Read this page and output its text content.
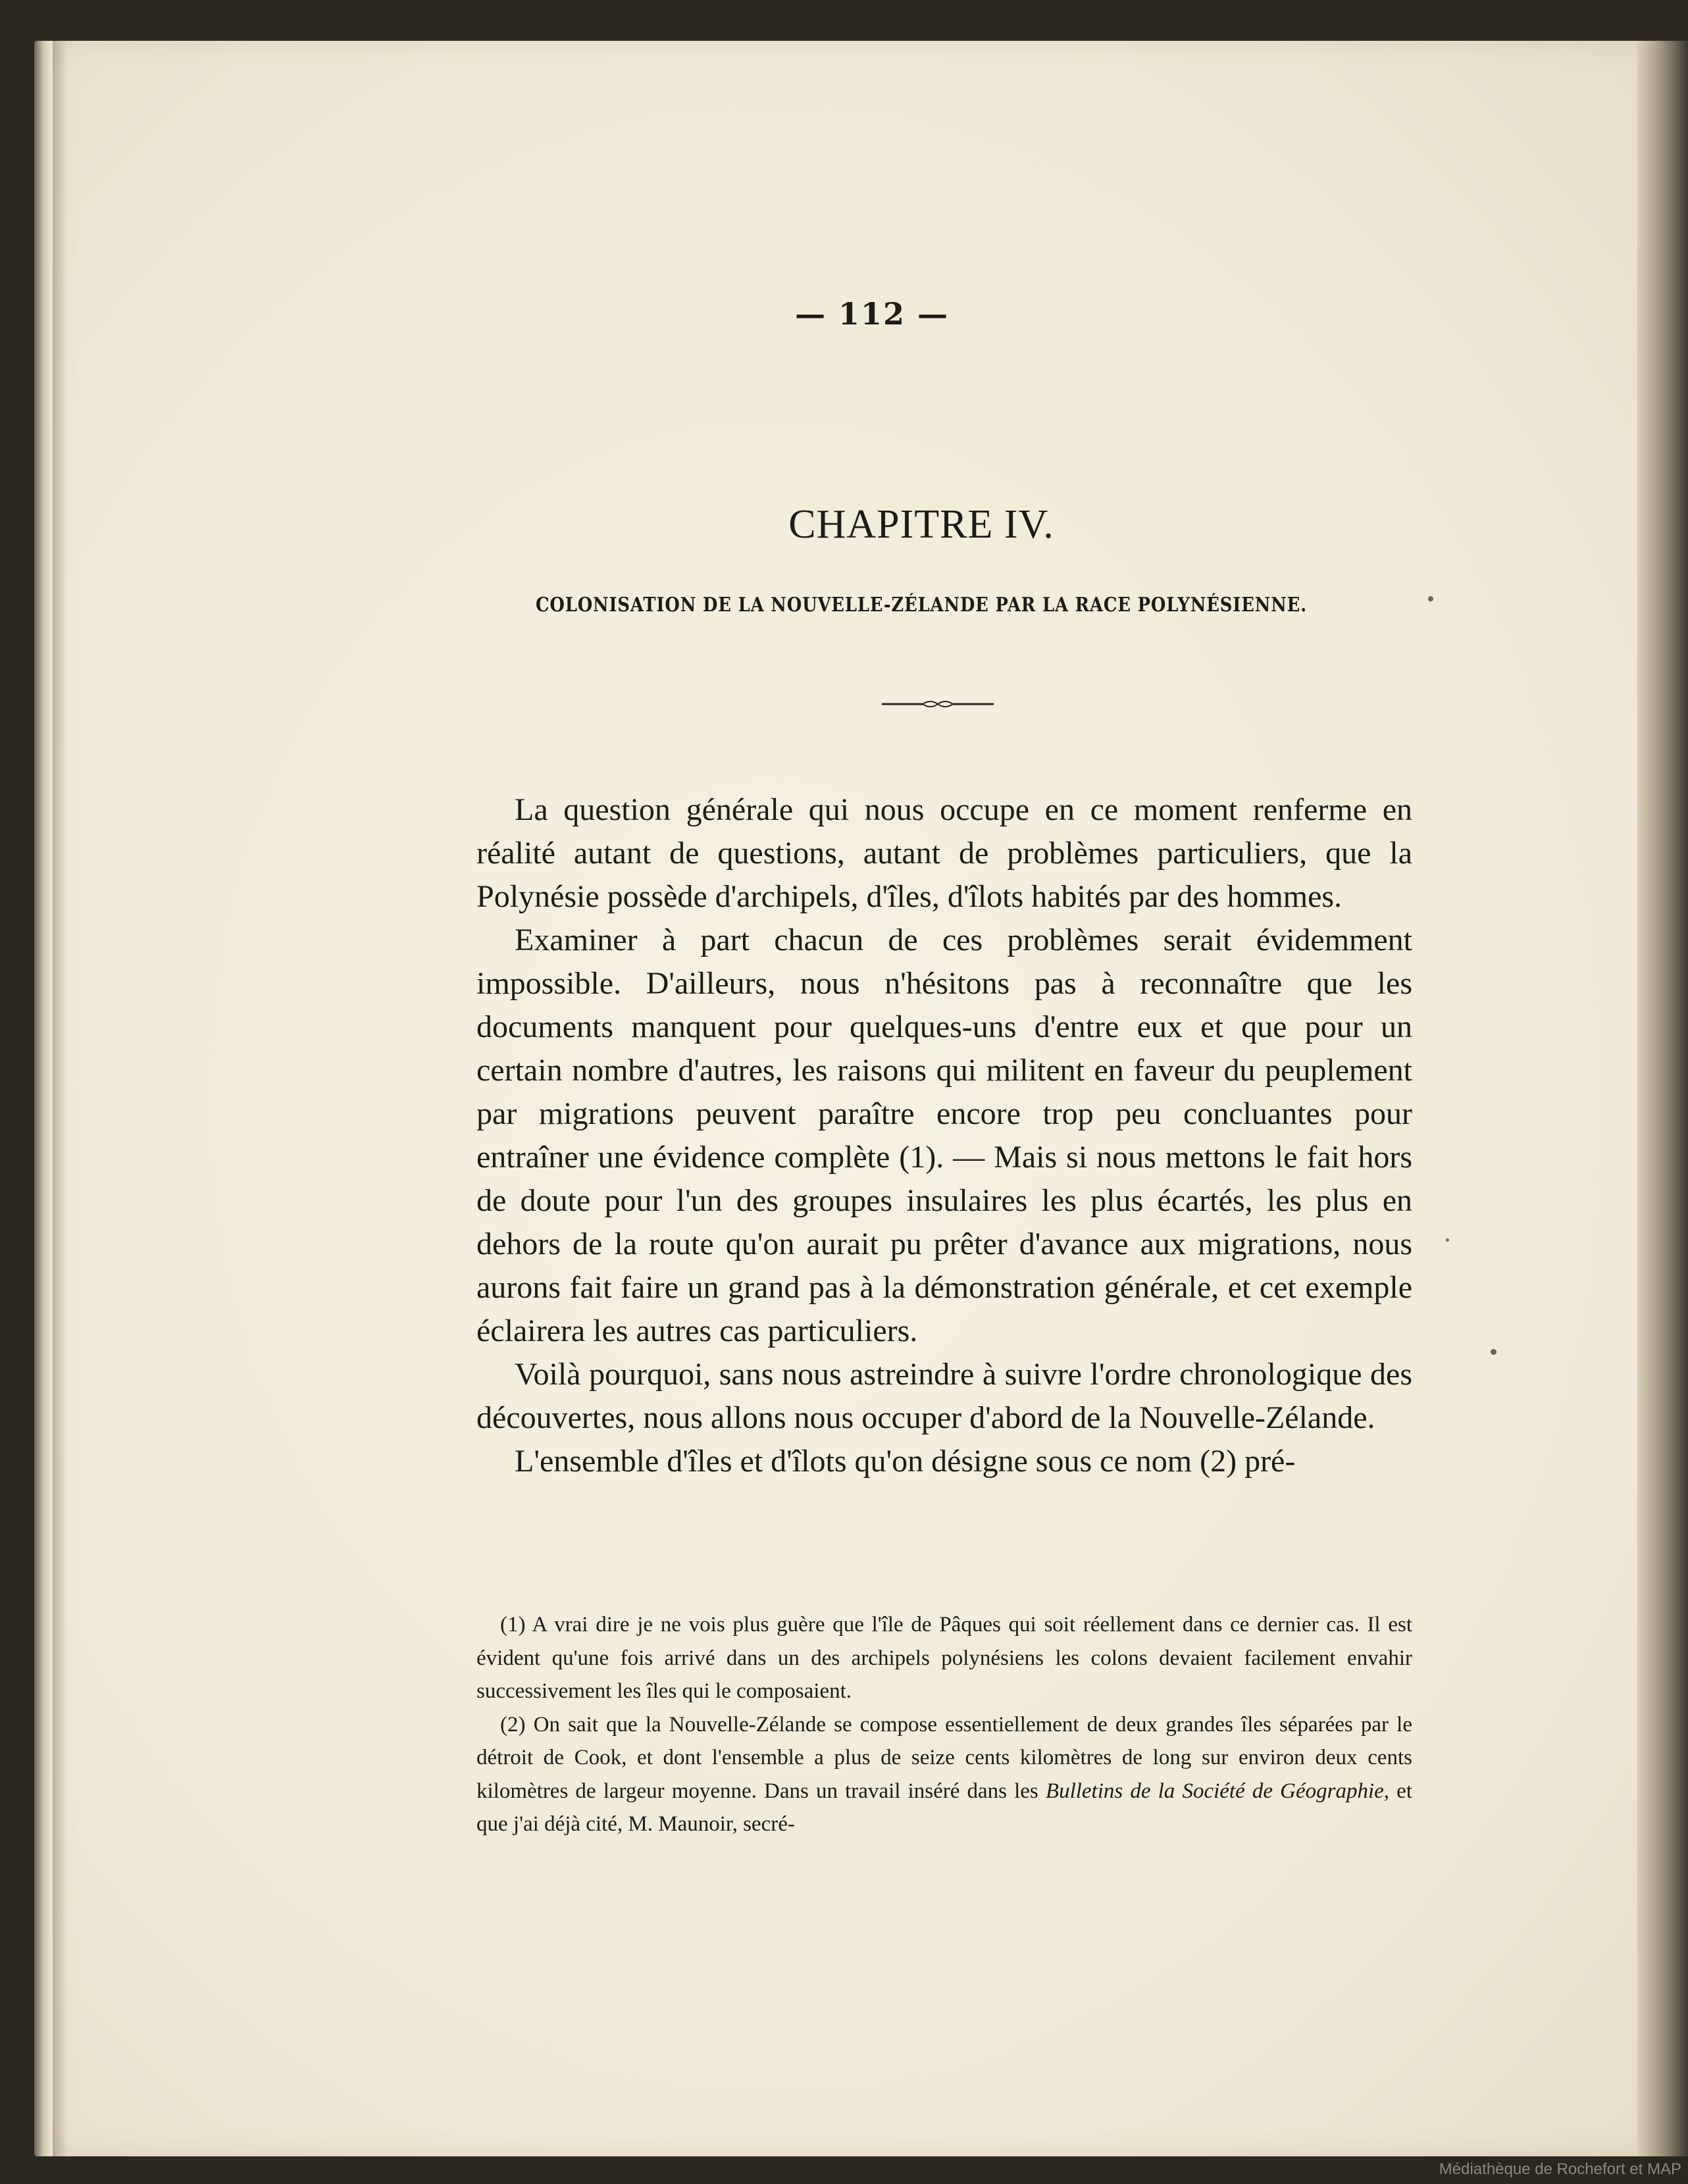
— 112 —
CHAPITRE IV.
COLONISATION DE LA NOUVELLE-ZÉLANDE PAR LA RACE POLYNÉSIENNE.

La question générale qui nous occupe en ce moment renferme en réalité autant de questions, autant de problèmes particuliers, que la Polynésie possède d'archipels, d'îles, d'îlots habités par des hommes.

Examiner à part chacun de ces problèmes serait évidemment impossible. D'ailleurs, nous n'hésitons pas à reconnaître que les documents manquent pour quelques-uns d'entre eux et que pour un certain nombre d'autres, les raisons qui militent en faveur du peuplement par migrations peuvent paraître encore trop peu concluantes pour entraîner une évidence complète (1). — Mais si nous mettons le fait hors de doute pour l'un des groupes insulaires les plus écartés, les plus en dehors de la route qu'on aurait pu prêter d'avance aux migrations, nous aurons fait faire un grand pas à la démonstration générale, et cet exemple éclairera les autres cas particuliers.

Voilà pourquoi, sans nous astreindre à suivre l'ordre chronologique des découvertes, nous allons nous occuper d'abord de la Nouvelle-Zélande.

L'ensemble d'îles et d'îlots qu'on désigne sous ce nom (2) pré-

(1) A vrai dire je ne vois plus guère que l'île de Pâques qui soit réellement dans ce dernier cas. Il est évident qu'une fois arrivé dans un des archipels polynésiens les colons devaient facilement envahir successivement les îles qui le composaient.

(2) On sait que la Nouvelle-Zélande se compose essentiellement de deux grandes îles séparées par le détroit de Cook, et dont l'ensemble a plus de seize cents kilomètres de long sur environ deux cents kilomètres de largeur moyenne. Dans un travail inséré dans les Bulletins de la Société de Géographie, et que j'ai déjà cité, M. Maunoir, secré-

Médiathèque de Rochefort et MAP
